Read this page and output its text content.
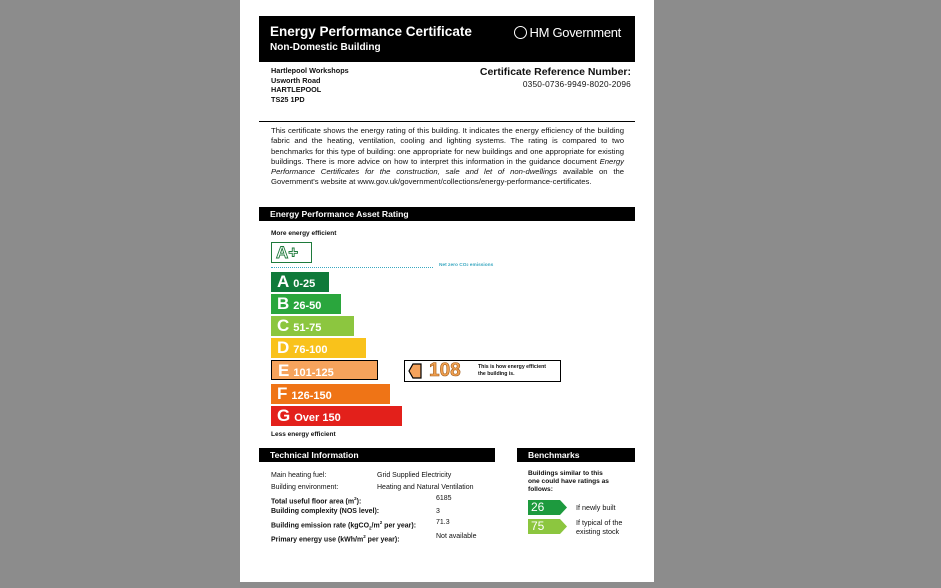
Energy Performance Certificate
Non-Domestic Building
HM Government
Hartlepool Workshops
Usworth Road
HARTLEPOOL
TS25 1PD
Certificate Reference Number:
0350-0736-9949-8020-2096
This certificate shows the energy rating of this building. It indicates the energy efficiency of the building fabric and the heating, ventilation, cooling and lighting systems. The rating is compared to two benchmarks for this type of building: one appropriate for new buildings and one appropriate for existing buildings. There is more advice on how to interpret this information in the guidance document Energy Performance Certificates for the construction, sale and let of non-dwellings available on the Government's website at www.gov.uk/government/collections/energy-performance-certificates.
Energy Performance Asset Rating
More energy efficient
A+
Net zero CO2 emissions
A 0-25
B 26-50
C 51-75
D 76-100
E 101-125
F 126-150
G Over 150
108	This is how energy efficient
the building is.
Less energy efficient
Technical Information
Main heating fuel:	Grid Supplied Electricity
Building environment:	Heating and Natural Ventilation
Total useful floor area $(m^2)$:	6185
Building complexity (NOS level):	3
Building emission rate ($kgCO_2/m^2$ per year):	71.3
Primary energy use ($kWh/m^2$ per year):	Not available
Benchmarks
Buildings similar to this
one could have ratings as
follows:
26	If newly built
75	If typical of the
existing stock
